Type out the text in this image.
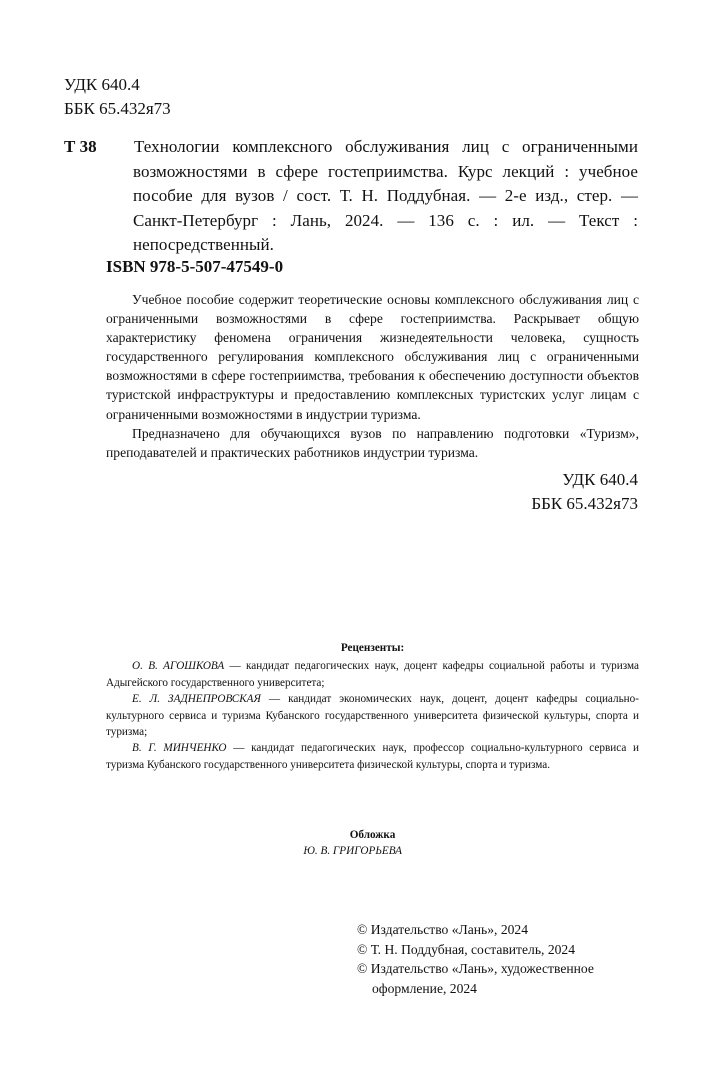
УДК 640.4
ББК 65.432я73
Т 38 Технологии комплексного обслуживания лиц с ограниченными возможностями в сфере гостеприимства. Курс лекций : учебное пособие для вузов / сост. Т. Н. Поддубная. — 2-е изд., стер. — Санкт-Петербург : Лань, 2024. — 136 с. : ил. — Текст : непосредственный.
ISBN 978-5-507-47549-0

Учебное пособие содержит теоретические основы комплексного обслуживания лиц с ограниченными возможностями в сфере гостеприимства. Раскрывает общую характеристику феномена ограничения жизнедеятельности человека, сущность государственного регулирования комплексного обслуживания лиц с ограниченными возможностями в сфере гостеприимства, требования к обеспечению доступности объектов туристской инфраструктуры и предоставлению комплексных туристских услуг лицам с ограниченными возможностями в индустрии туризма.

Предназначено для обучающихся вузов по направлению подготовки «Туризм», преподавателей и практических работников индустрии туризма.

УДК 640.4
ББК 65.432я73
Рецензенты:

О. В. АГОШКОВА — кандидат педагогических наук, доцент кафедры социальной работы и туризма Адыгейского государственного университета;

Е. Л. ЗАДНЕПРОВСКАЯ — кандидат экономических наук, доцент, доцент кафедры социально-культурного сервиса и туризма Кубанского государственного университета физической культуры, спорта и туризма;

В. Г. МИНЧЕНКО — кандидат педагогических наук, профессор социально-культурного сервиса и туризма Кубанского государственного университета физической культуры, спорта и туризма.

Обложка
Ю. В. ГРИГОРЬЕВА
© Издательство «Лань», 2024
© Т. Н. Поддубная, составитель, 2024
© Издательство «Лань», художественное
оформление, 2024
